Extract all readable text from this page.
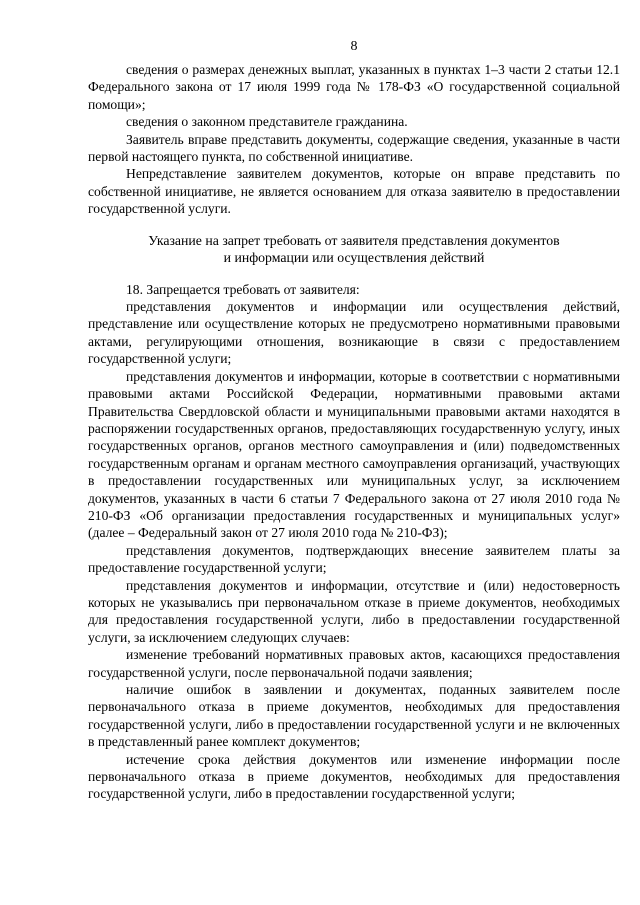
8

сведения о размерах денежных выплат, указанных в пунктах 1–3 части 2 статьи 12.1 Федерального закона от 17 июля 1999 года № 178-ФЗ «О государственной социальной помощи»;

сведения о законном представителе гражданина.

Заявитель вправе представить документы, содержащие сведения, указанные в части первой настоящего пункта, по собственной инициативе.

Непредставление заявителем документов, которые он вправе представить по собственной инициативе, не является основанием для отказа заявителю в предоставлении государственной услуги.

Указание на запрет требовать от заявителя представления документов
и информации или осуществления действий

18. Запрещается требовать от заявителя:

представления документов и информации или осуществления действий, представление или осуществление которых не предусмотрено нормативными правовыми актами, регулирующими отношения, возникающие в связи с предоставлением государственной услуги;

представления документов и информации, которые в соответствии с нормативными правовыми актами Российской Федерации, нормативными правовыми актами Правительства Свердловской области и муниципальными правовыми актами находятся в распоряжении государственных органов, предоставляющих государственную услугу, иных государственных органов, органов местного самоуправления и (или) подведомственных государственным органам и органам местного самоуправления организаций, участвующих в предоставлении государственных или муниципальных услуг, за исключением документов, указанных в части 6 статьи 7 Федерального закона от 27 июля 2010 года № 210-ФЗ «Об организации предоставления государственных и муниципальных услуг» (далее – Федеральный закон от 27 июля 2010 года № 210-ФЗ);

представления документов, подтверждающих внесение заявителем платы за предоставление государственной услуги;

представления документов и информации, отсутствие и (или) недостоверность которых не указывались при первоначальном отказе в приеме документов, необходимых для предоставления государственной услуги, либо в предоставлении государственной услуги, за исключением следующих случаев:

изменение требований нормативных правовых актов, касающихся предоставления государственной услуги, после первоначальной подачи заявления;

наличие ошибок в заявлении и документах, поданных заявителем после первоначального отказа в приеме документов, необходимых для предоставления государственной услуги, либо в предоставлении государственной услуги и не включенных в представленный ранее комплект документов;

истечение срока действия документов или изменение информации после первоначального отказа в приеме документов, необходимых для предоставления государственной услуги, либо в предоставлении государственной услуги;
